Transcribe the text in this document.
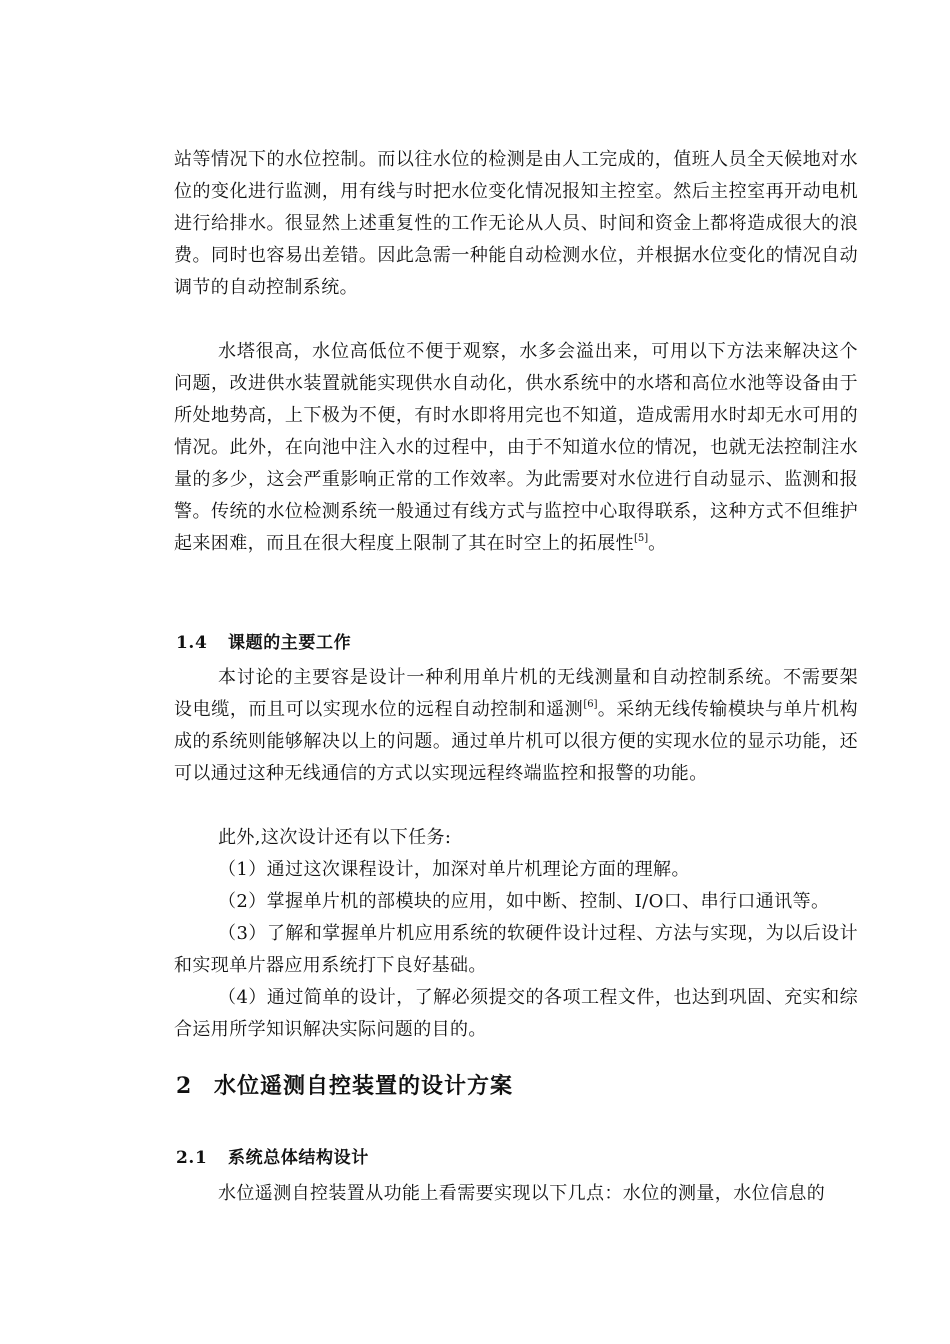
站等情况下的水位控制。而以往水位的检测是由人工完成的，值班人员全天候地对水位的变化进行监测，用有线与时把水位变化情况报知主控室。然后主控室再开动电机进行给排水。很显然上述重复性的工作无论从人员、时间和资金上都将造成很大的浪费。同时也容易出差错。因此急需一种能自动检测水位，并根据水位变化的情况自动调节的自动控制系统。
水塔很高，水位高低位不便于观察，水多会溢出来，可用以下方法来解决这个问题，改进供水装置就能实现供水自动化，供水系统中的水塔和高位水池等设备由于所处地势高，上下极为不便，有时水即将用完也不知道，造成需用水时却无水可用的情况。此外，在向池中注入水的过程中，由于不知道水位的情况，也就无法控制注水量的多少，这会严重影响正常的工作效率。为此需要对水位进行自动显示、监测和报警。传统的水位检测系统一般通过有线方式与监控中心取得联系，这种方式不但维护起来困难，而且在很大程度上限制了其在时空上的拓展性[5]。
1.4 课题的主要工作
本讨论的主要容是设计一种利用单片机的无线测量和自动控制系统。不需要架设电缆，而且可以实现水位的远程自动控制和遥测[6]。采纳无线传输模块与单片机构成的系统则能够解决以上的问题。通过单片机可以很方便的实现水位的显示功能，还可以通过这种无线通信的方式以实现远程终端监控和报警的功能。
此外,这次设计还有以下任务:
（1）通过这次课程设计，加深对单片机理论方面的理解。
（2）掌握单片机的部模块的应用，如中断、控制、I/O口、串行口通讯等。
（3）了解和掌握单片机应用系统的软硬件设计过程、方法与实现，为以后设计和实现单片器应用系统打下良好基础。
（4）通过简单的设计，了解必须提交的各项工程文件，也达到巩固、充实和综合运用所学知识解决实际问题的目的。
2 水位遥测自控装置的设计方案
2.1 系统总体结构设计
水位遥测自控装置从功能上看需要实现以下几点：水位的测量，水位信息的
